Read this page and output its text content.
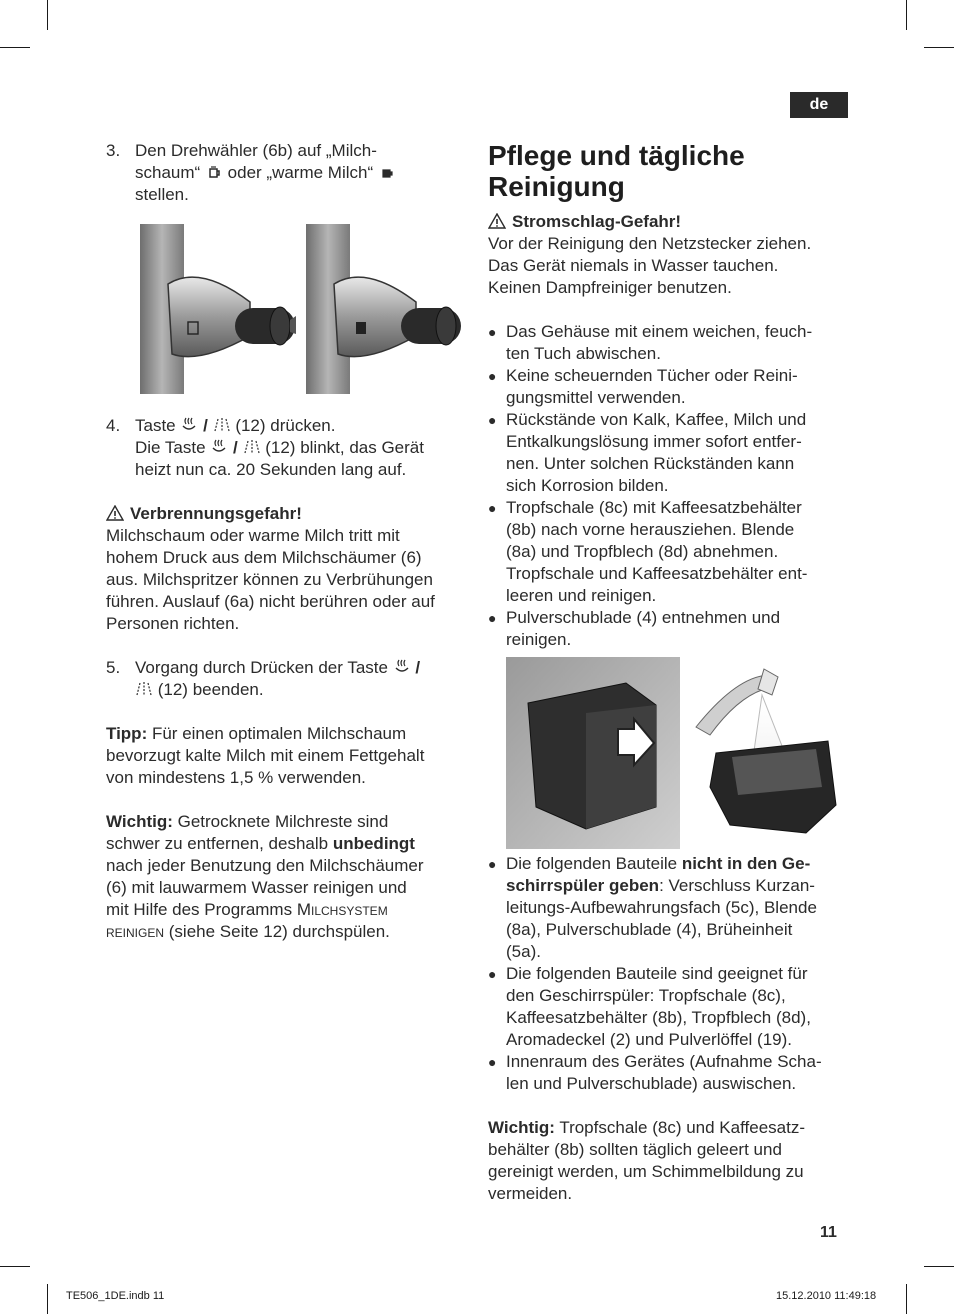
de
3. Den Drehwähler (6b) auf „Milch-

schaum“ oder „warme Milch“

stellen.

4. Taste / (12) drücken.

Die Taste / (12) blinkt, das Gerät

heizt nun ca. 20 Sekunden lang auf.

Verbrennungsgefahr!

Milchschaum oder warme Milch tritt mit

hohem Druck aus dem Milchschäumer (6)

aus. Milchspritzer können zu Verbrühungen

führen. Auslauf (6a) nicht berühren oder auf

Personen richten.

5. Vorgang durch Drücken der Taste /

(12) beenden.

Tipp: Für einen optimalen Milchschaum

bevorzugt kalte Milch mit einem Fettgehalt

von mindestens 1,5 % verwenden.

Wichtig: Getrocknete Milchreste sind

schwer zu entfernen, deshalb unbedingt

nach jeder Benutzung den Milchschäumer

(6) mit lauwarmem Wasser reinigen und

mit Hilfe des Programms Milchsystem

reinigen (siehe Seite 12) durchspülen.

Pflege und tägliche
Reinigung

Stromschlag-Gefahr!

Vor der Reinigung den Netzstecker ziehen.

Das Gerät niemals in Wasser tauchen.

Keinen Dampfreiniger benutzen.

● Das Gehäuse mit einem weichen, feuch-

ten Tuch abwischen.

● Keine scheuernden Tücher oder Reini-

gungsmittel verwenden.

● Rückstände von Kalk, Kaffee, Milch und

Entkalkungslösung immer sofort entfer-

nen. Unter solchen Rückständen kann

sich Korrosion bilden.

● Tropfschale (8c) mit Kaffeesatzbehälter

(8b) nach vorne herausziehen. Blende

(8a) und Tropfblech (8d) abnehmen.

Tropfschale und Kaffeesatzbehälter ent-

leeren und reinigen.

● Pulverschublade (4) entnehmen und

reinigen.

● Die folgenden Bauteile nicht in den Ge-

schirrspüler geben: Verschluss Kurzan-

leitungs-Aufbewahrungsfach (5c), Blende

(8a), Pulverschublade (4), Brüheinheit

(5a).

● Die folgenden Bauteile sind geeignet für

den Geschirrspüler: Tropfschale (8c),

Kaffeesatzbehälter (8b), Tropfblech (8d),

Aromadeckel (2) und Pulverlöffel (19).

● Innenraum des Gerätes (Aufnahme Scha-

len und Pulverschublade) auswischen.

Wichtig: Tropfschale (8c) und Kaffeesatz-

behälter (8b) sollten täglich geleert und

gereinigt werden, um Schimmelbildung zu

vermeiden.

11
TE506_1DE.indb 11	15.12.2010 11:49:18
